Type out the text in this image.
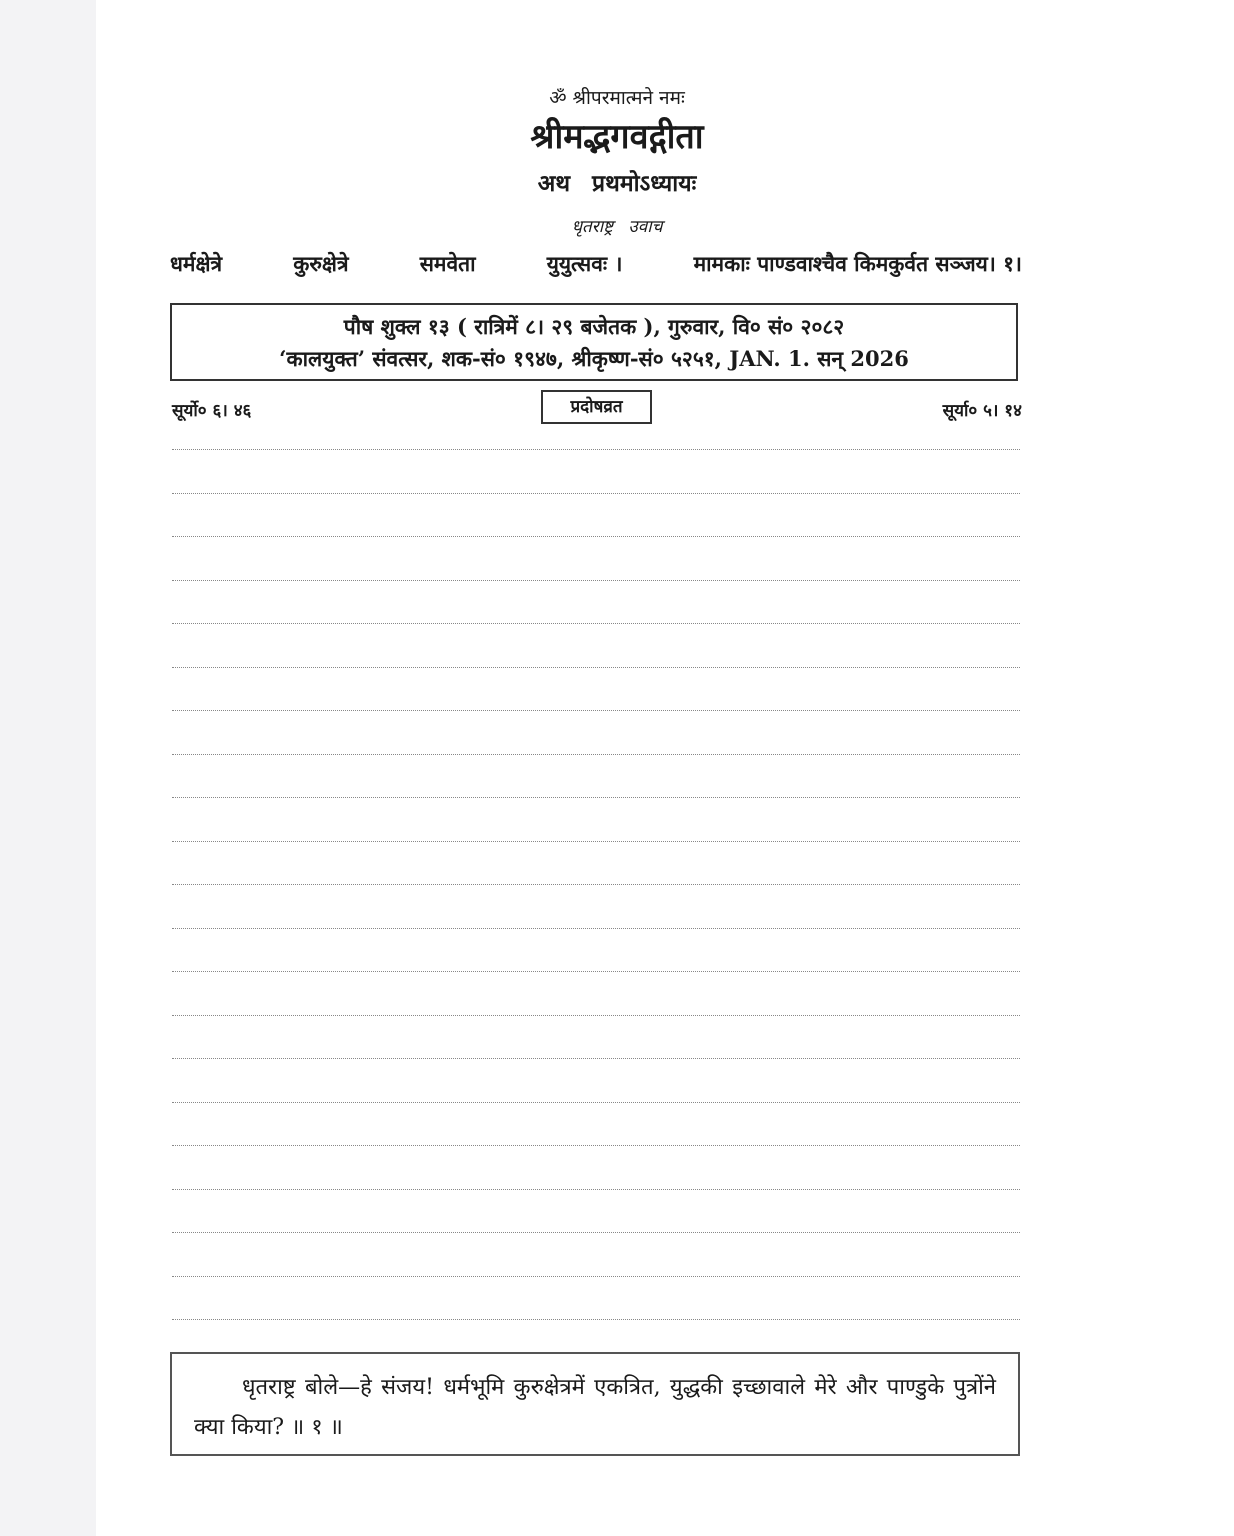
ॐ श्रीपरमात्मने नमः
श्रीमद्भगवद्गीता
अथ प्रथमोऽध्यायः
धृतराष्ट्र उवाच
धर्मक्षेत्रे	कुरुक्षेत्रे	समवेता	युयुत्सवः ।	मामकाः पाण्डवाश्चैव किमकुर्वत सञ्जय। १।
पौष शुक्ल १३ ( रात्रिमें ८। २९ बजेतक ), गुरुवार, वि० सं० २०८२
‘कालयुक्त’ संवत्सर, शक-सं० १९४७, श्रीकृष्ण-सं० ५२५१, JAN. 1. सन् 2026
सूर्यो० ६। ४६	प्रदोषव्रत	सूर्या० ५। १४
धृतराष्ट्र बोले—हे संजय! धर्मभूमि कुरुक्षेत्रमें एकत्रित, युद्धकी इच्छावाले मेरे और पाण्डुके पुत्रोंने क्या किया? ॥ १ ॥
